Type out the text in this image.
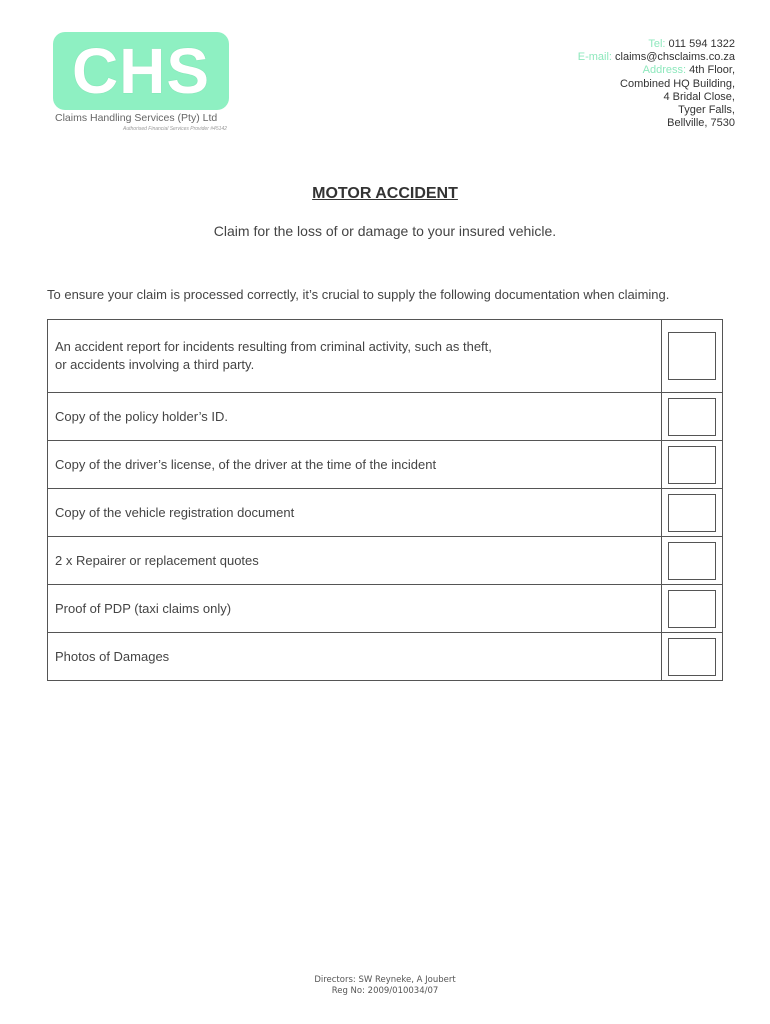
CHS
Claims Handling Services (Pty) Ltd
Authorised Financial Services Provider #45142
Tel: 011 594 1322
E-mail: claims@chsclaims.co.za
Address: 4th Floor,
Combined HQ Building,
4 Bridal Close,
Tyger Falls,
Bellville, 7530
MOTOR ACCIDENT
Claim for the loss of or damage to your insured vehicle.
To ensure your claim is processed correctly, it’s crucial to supply the following documentation when claiming.
An accident report for incidents resulting from criminal activity, such as theft,
or accidents involving a third party.	

Copy of the policy holder’s ID.	

Copy of the driver’s license, of the driver at the time of the incident	

Copy of the vehicle registration document	

2 x Repairer or replacement quotes	

Proof of PDP (taxi claims only)	

Photos of Damages	
Directors: SW Reyneke, A Joubert
Reg No: 2009/010034/07
